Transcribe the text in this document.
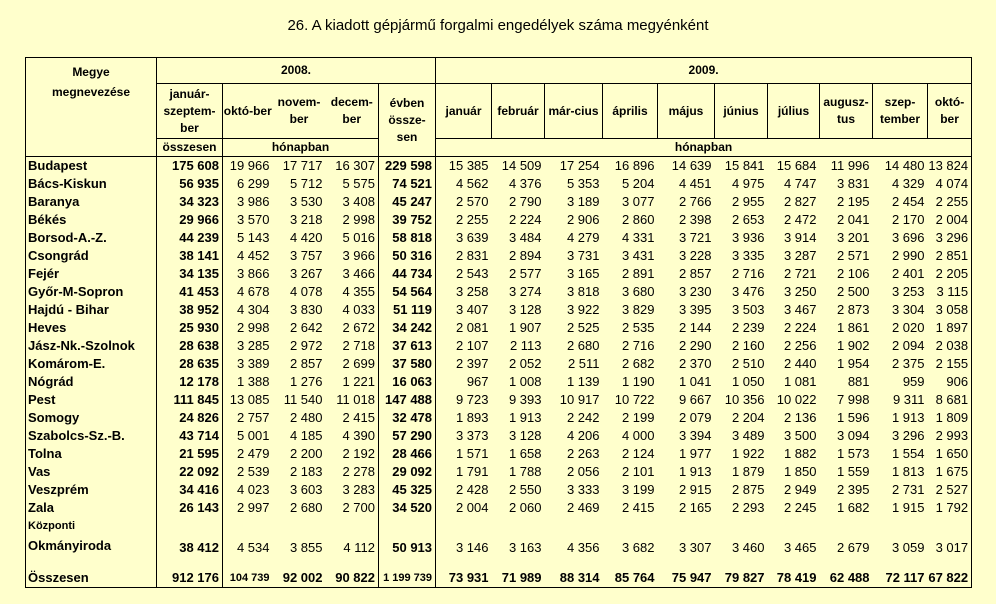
26. A kiadott gépjármű forgalmi engedélyek száma megyénként
Megye
megnevezése	2008.					2009.									

	január-szeptem-ber	októ-ber	novem-ber	decem-ber	évben össze-sen	január	február	már-cius	április	május	június	július	augusz-tus	szep-tember	októ-ber

	összesen	hónapban				hónapban									
Budapest	175 608	19 966	17 717	16 307	229 598	15 385	14 509	17 254	16 896	14 639	15 841	15 684	11 996	14 480	13 824
Bács-Kiskun	56 935	6 299	5 712	5 575	74 521	4 562	4 376	5 353	5 204	4 451	4 975	4 747	3 831	4 329	4 074
Baranya	34 323	3 986	3 530	3 408	45 247	2 570	2 790	3 189	3 077	2 766	2 955	2 827	2 195	2 454	2 255
Békés	29 966	3 570	3 218	2 998	39 752	2 255	2 224	2 906	2 860	2 398	2 653	2 472	2 041	2 170	2 004
Borsod-A.-Z.	44 239	5 143	4 420	5 016	58 818	3 639	3 484	4 279	4 331	3 721	3 936	3 914	3 201	3 696	3 296
Csongrád	38 141	4 452	3 757	3 966	50 316	2 831	2 894	3 731	3 431	3 228	3 335	3 287	2 571	2 990	2 851
Fejér	34 135	3 866	3 267	3 466	44 734	2 543	2 577	3 165	2 891	2 857	2 716	2 721	2 106	2 401	2 205
Győr-M-Sopron	41 453	4 678	4 078	4 355	54 564	3 258	3 274	3 818	3 680	3 230	3 476	3 250	2 500	3 253	3 115
Hajdú - Bihar	38 952	4 304	3 830	4 033	51 119	3 407	3 128	3 922	3 829	3 395	3 503	3 467	2 873	3 304	3 058
Heves	25 930	2 998	2 642	2 672	34 242	2 081	1 907	2 525	2 535	2 144	2 239	2 224	1 861	2 020	1 897
Jász-Nk.-Szolnok	28 638	3 285	2 972	2 718	37 613	2 107	2 113	2 680	2 716	2 290	2 160	2 256	1 902	2 094	2 038
Komárom-E.	28 635	3 389	2 857	2 699	37 580	2 397	2 052	2 511	2 682	2 370	2 510	2 440	1 954	2 375	2 155
Nógrád	12 178	1 388	1 276	1 221	16 063	967	1 008	1 139	1 190	1 041	1 050	1 081	881	959	906
Pest	111 845	13 085	11 540	11 018	147 488	9 723	9 393	10 917	10 722	9 667	10 356	10 022	7 998	9 311	8 681
Somogy	24 826	2 757	2 480	2 415	32 478	1 893	1 913	2 242	2 199	2 079	2 204	2 136	1 596	1 913	1 809
Szabolcs-Sz.-B.	43 714	5 001	4 185	4 390	57 290	3 373	3 128	4 206	4 000	3 394	3 489	3 500	3 094	3 296	2 993
Tolna	21 595	2 479	2 200	2 192	28 466	1 571	1 658	2 263	2 124	1 977	1 922	1 882	1 573	1 554	1 650
Vas	22 092	2 539	2 183	2 278	29 092	1 791	1 788	2 056	2 101	1 913	1 879	1 850	1 559	1 813	1 675
Veszprém	34 416	4 023	3 603	3 283	45 325	2 428	2 550	3 333	3 199	2 915	2 875	2 949	2 395	2 731	2 527
Zala	26 143	2 997	2 680	2 700	34 520	2 004	2 060	2 469	2 415	2 165	2 293	2 245	1 682	1 915	1 792

Központi
Okmányiroda	38 412	4 534	3 855	4 112	50 913	3 146	3 163	4 356	3 682	3 307	3 460	3 465	2 679	3 059	3 017
Összesen	912 176	104 739	92 002	90 822	1 199 739	73 931	71 989	88 314	85 764	75 947	79 827	78 419	62 488	72 117	67 822
